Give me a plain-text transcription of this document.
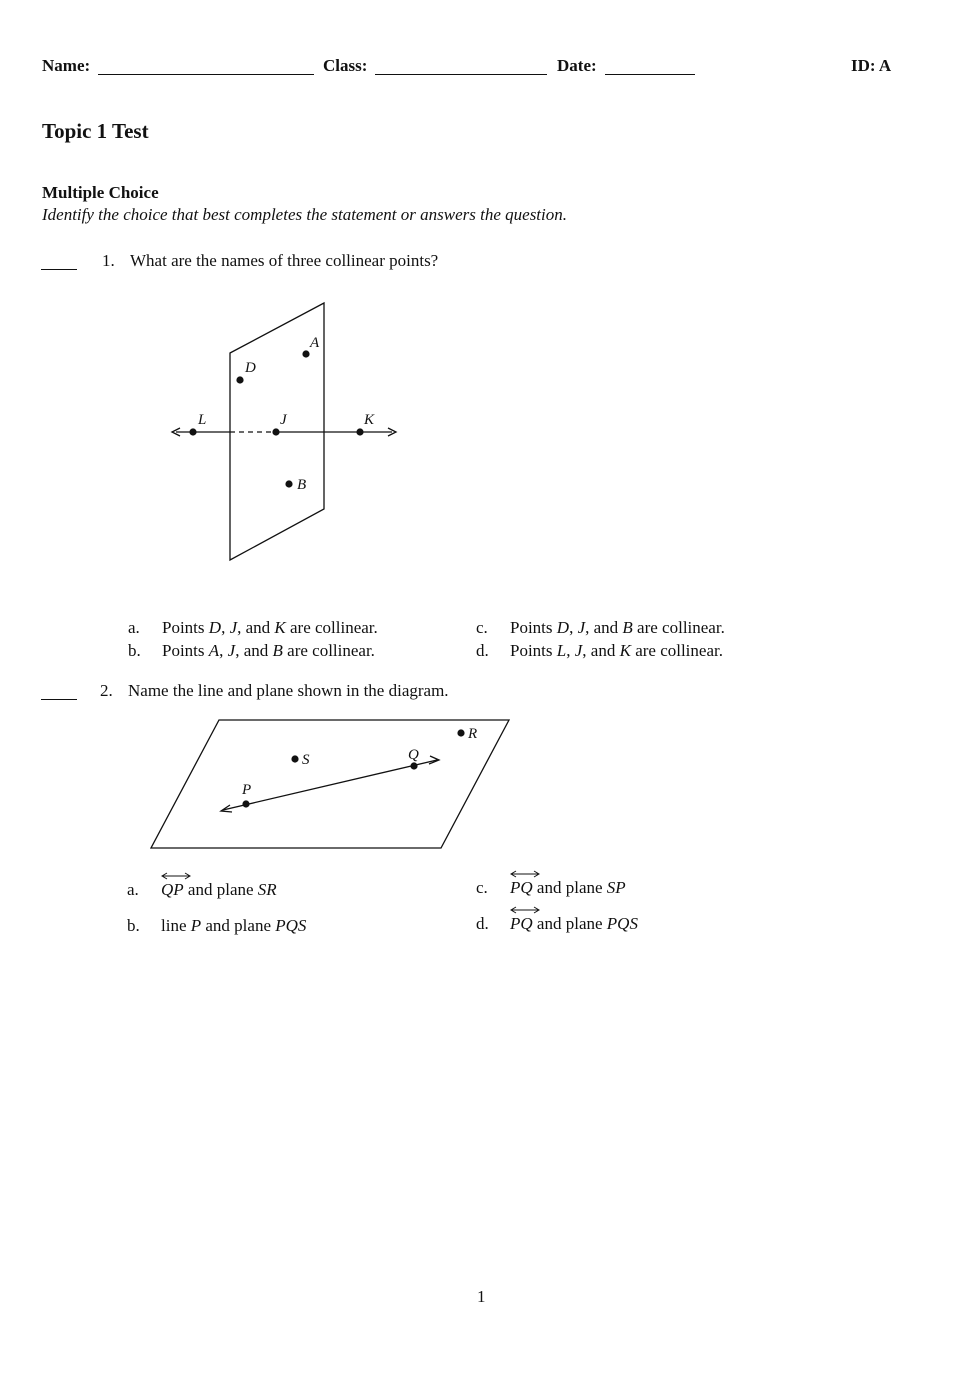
Name:	Class:	Date:	ID: A
Topic 1 Test
Multiple Choice
Identify the choice that best completes the statement or answers the question.
1. What are the names of three collinear points?
A
D
L	J	K
B
a. Points D, J, and K are collinear.
b. Points A, J, and B are collinear.
c. Points D, J, and B are collinear.
d. Points L, J, and K are collinear.
2. Name the line and plane shown in the diagram.
R
S	Q
P
a. QP and plane SR
b. line P and plane PQS
c. PQ and plane SP
d. PQ and plane PQS
1
